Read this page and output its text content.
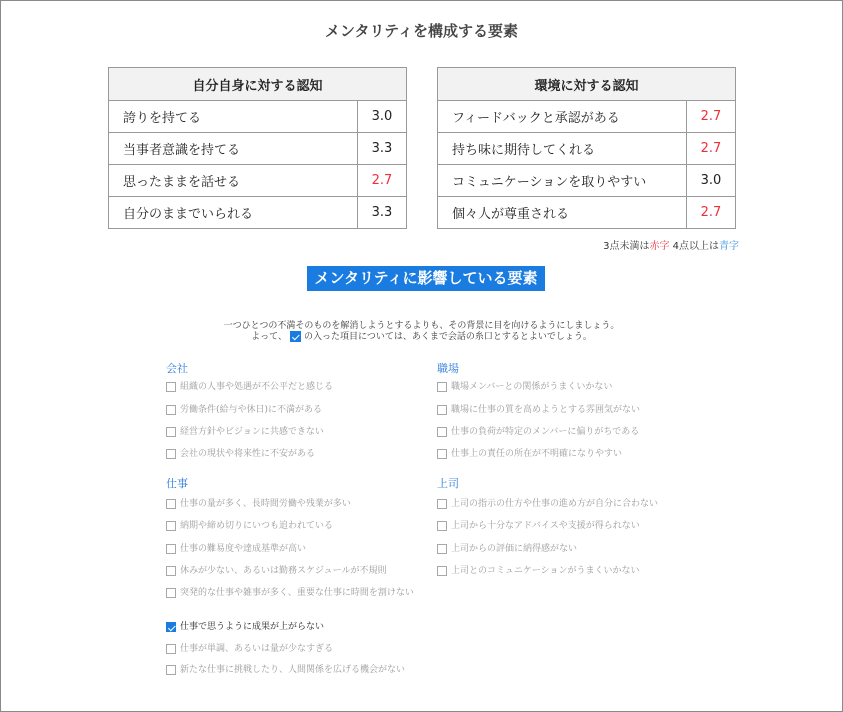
メンタリティを構成する要素
自分自身に対する認知	
誇りを持てる	3.0
当事者意識を持てる	3.3
思ったままを話せる	2.7
自分のままでいられる	3.3
環境に対する認知	
フィードバックと承認がある	2.7
持ち味に期待してくれる	2.7
コミュニケーションを取りやすい	3.0
個々人が尊重される	2.7
3点未満は赤字 4点以上は青字
メンタリティに影響している要素
一つひとつの不満そのものを解消しようとするよりも、その背景に目を向けるようにしましょう。
よって、 の入った項目については、あくまで会話の糸口とするとよいでしょう。
会社
組織の人事や処遇が不公平だと感じる
労働条件(給与や休日)に不満がある
経営方針やビジョンに共感できない
会社の現状や将来性に不安がある
職場
職場メンバーとの関係がうまくいかない
職場に仕事の質を高めようとする雰囲気がない
仕事の負荷が特定のメンバーに偏りがちである
仕事上の責任の所在が不明確になりやすい
仕事
仕事の量が多く、長時間労働や残業が多い
納期や締め切りにいつも追われている
仕事の難易度や達成基準が高い
休みが少ない、あるいは勤務スケジュールが不規則
突発的な仕事や雑事が多く、重要な仕事に時間を割けない
仕事で思うように成果が上がらない
仕事が単調、あるいは量が少なすぎる
新たな仕事に挑戦したり、人間関係を広げる機会がない
上司
上司の指示の仕方や仕事の進め方が自分に合わない
上司から十分なアドバイスや支援が得られない
上司からの評価に納得感がない
上司とのコミュニケーションがうまくいかない
